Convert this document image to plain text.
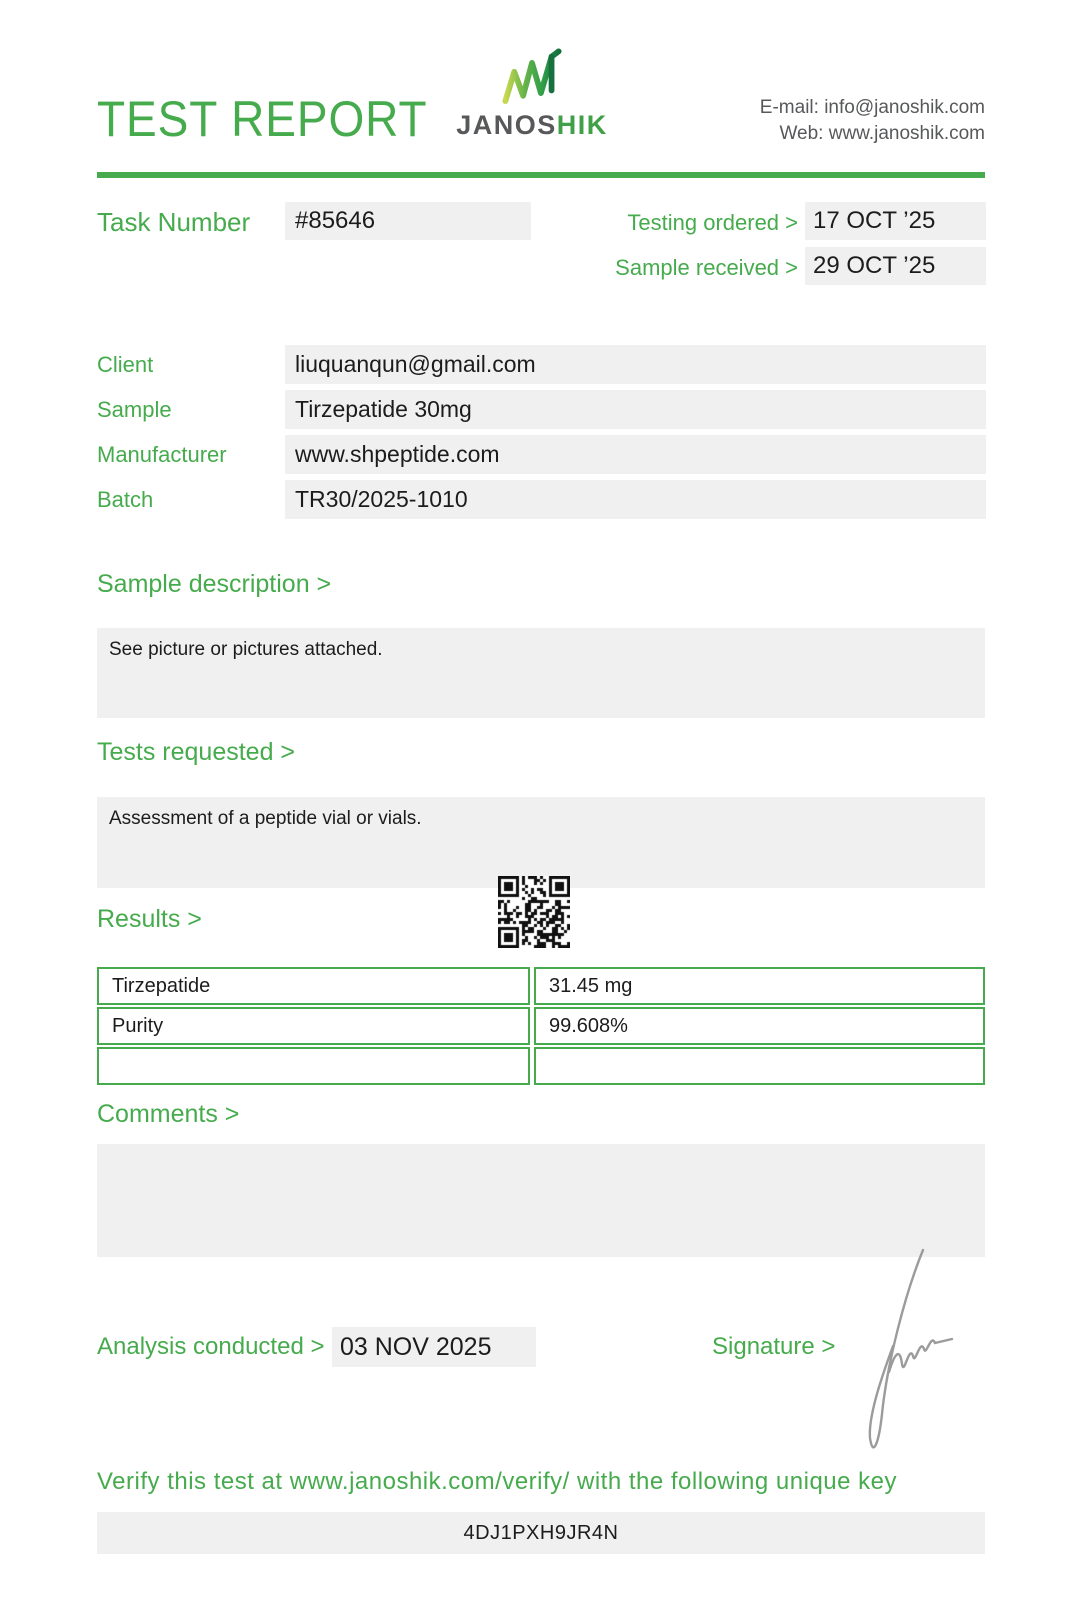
TEST REPORT	JANOSHIK
E-mail: info@janoshik.com
Web: www.janoshik.com
Task Number	#85646	Testing ordered > 17 OCT ’25
Sample received > 29 OCT ’25
Client	liuquanqun@gmail.com
Sample	Tirzepatide 30mg
Manufacturer	www.shpeptide.com
Batch	TR30/2025-1010
Sample description >
See picture or pictures attached.
Tests requested >
Assessment of a peptide vial or vials.
Results >
Tirzepatide	31.45 mg
Purity	99.608%
Comments >
Analysis conducted > 03 NOV 2025	Signature >
Verify this test at www.janoshik.com/verify/ with the following unique key
4DJ1PXH9JR4N
